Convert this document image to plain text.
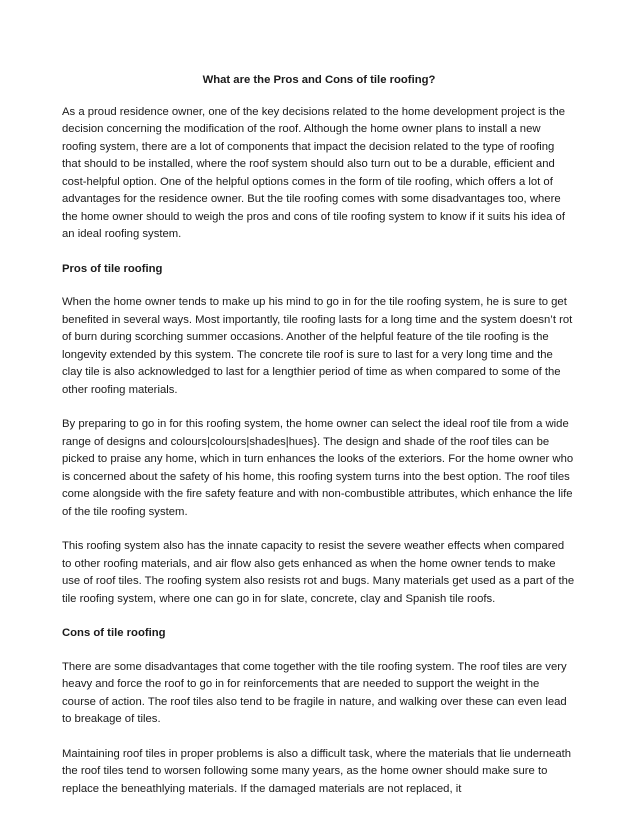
What are the Pros and Cons of tile roofing?

As a proud residence owner, one of the key decisions related to the home development project is the decision concerning the modification of the roof. Although the home owner plans to install a new roofing system, there are a lot of components that impact the decision related to the type of roofing that should to be installed, where the roof system should also turn out to be a durable, efficient and cost-helpful option. One of the helpful options comes in the form of tile roofing, which offers a lot of advantages for the residence owner. But the tile roofing comes with some disadvantages too, where the home owner should to weigh the pros and cons of tile roofing system to know if it suits his idea of an ideal roofing system.

Pros of tile roofing

When the home owner tends to make up his mind to go in for the tile roofing system, he is sure to get benefited in several ways. Most importantly, tile roofing lasts for a long time and the system doesn’t rot of burn during scorching summer occasions. Another of the helpful feature of the tile roofing is the longevity extended by this system. The concrete tile roof is sure to last for a very long time and the clay tile is also acknowledged to last for a lengthier period of time as when compared to some of the other roofing materials.

By preparing to go in for this roofing system, the home owner can select the ideal roof tile from a wide range of designs and colours|colours|shades|hues}. The design and shade of the roof tiles can be picked to praise any home, which in turn enhances the looks of the exteriors. For the home owner who is concerned about the safety of his home, this roofing system turns into the best option. The roof tiles come alongside with the fire safety feature and with non-combustible attributes, which enhance the life of the tile roofing system.

This roofing system also has the innate capacity to resist the severe weather effects when compared to other roofing materials, and air flow also gets enhanced as when the home owner tends to make use of roof tiles. The roofing system also resists rot and bugs. Many materials get used as a part of the tile roofing system, where one can go in for slate, concrete, clay and Spanish tile roofs.

Cons of tile roofing

There are some disadvantages that come together with the tile roofing system. The roof tiles are very heavy and force the roof to go in for reinforcements that are needed to support the weight in the course of action. The roof tiles also tend to be fragile in nature, and walking over these can even lead to breakage of tiles.

Maintaining roof tiles in proper problems is also a difficult task, where the materials that lie underneath the roof tiles tend to worsen following some many years, as the home owner should make sure to replace the beneathlying materials. If the damaged materials are not replaced, it
